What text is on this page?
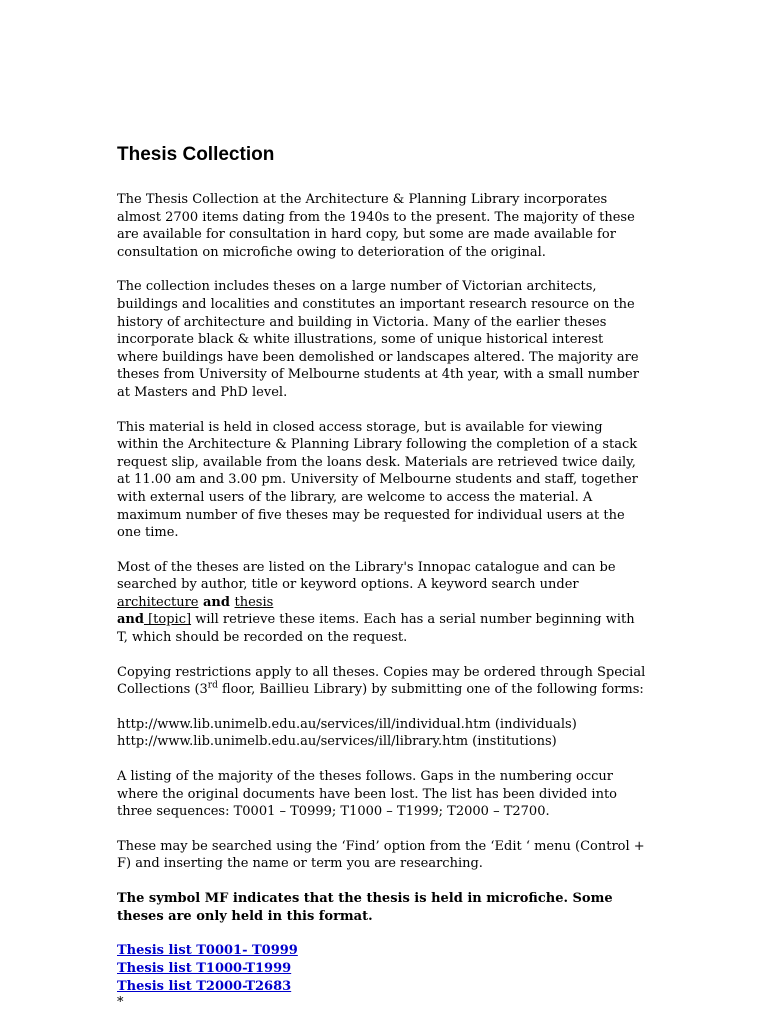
Thesis Collection

The Thesis Collection at the Architecture & Planning Library incorporates almost 2700 items dating from the 1940s to the present. The majority of these are available for consultation in hard copy, but some are made available for consultation on microfiche owing to deterioration of the original.

The collection includes theses on a large number of Victorian architects, buildings and localities and constitutes an important research resource on the history of architecture and building in Victoria. Many of the earlier theses incorporate black & white illustrations, some of unique historical interest where buildings have been demolished or landscapes altered. The majority are theses from University of Melbourne students at 4th year, with a small number at Masters and PhD level.

This material is held in closed access storage, but is available for viewing within the Architecture & Planning Library following the completion of a stack request slip, available from the loans desk. Materials are retrieved twice daily, at 11.00 am and 3.00 pm. University of Melbourne students and staff, together with external users of the library, are welcome to access the material. A maximum number of five theses may be requested for individual users at the one time.

Most of the theses are listed on the Library's Innopac catalogue and can be searched by author, title or keyword options. A keyword search under architecture and thesis
and [topic] will retrieve these items. Each has a serial number beginning with T, which should be recorded on the request.

Copying restrictions apply to all theses. Copies may be ordered through Special Collections (3rd floor, Baillieu Library) by submitting one of the following forms:

http://www.lib.unimelb.edu.au/services/ill/individual.htm (individuals)
http://www.lib.unimelb.edu.au/services/ill/library.htm (institutions)

A listing of the majority of the theses follows. Gaps in the numbering occur where the original documents have been lost. The list has been divided into three sequences: T0001 – T0999; T1000 – T1999; T2000 – T2700.

These may be searched using the ‘Find’ option from the ‘Edit ‘ menu (Control + F) and inserting the name or term you are researching.

The symbol MF indicates that the thesis is held in microfiche. Some theses are only held in this format.

Thesis list T0001- T0999
Thesis list T1000-T1999
Thesis list T2000-T2683
*
